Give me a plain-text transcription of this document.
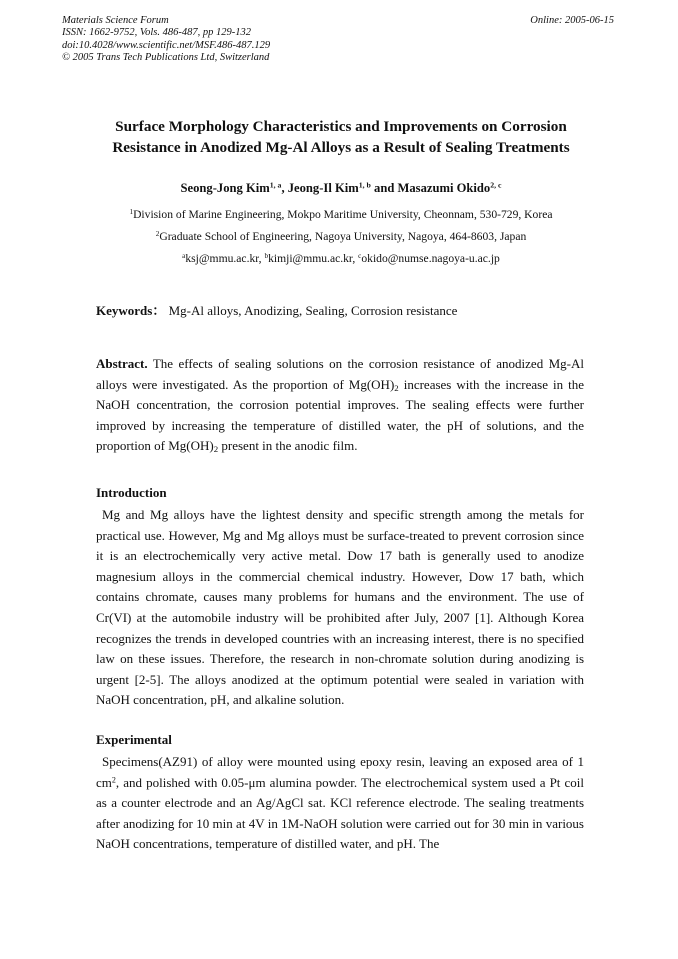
Materials Science Forum
ISSN: 1662-9752, Vols. 486-487, pp 129-132
doi:10.4028/www.scientific.net/MSF.486-487.129
© 2005 Trans Tech Publications Ltd, Switzerland
Online: 2005-06-15
Surface Morphology Characteristics and Improvements on Corrosion
Resistance in Anodized Mg-Al Alloys as a Result of Sealing Treatments
Seong-Jong Kim$^{1, a}$, Jeong-Il Kim$^{1, b}$ and Masazumi Okido$^{2, c}$
$^1$Division of Marine Engineering, Mokpo Maritime University, Cheonnam, 530-729, Korea
$^2$Graduate School of Engineering, Nagoya University, Nagoya, 464-8603, Japan
$^a$ksj@mmu.ac.kr, $^b$kimji@mmu.ac.kr, $^c$okido@numse.nagoya-u.ac.jp
Keywords： Mg-Al alloys, Anodizing, Sealing, Corrosion resistance

Abstract. The effects of sealing solutions on the corrosion resistance of anodized Mg-Al alloys were investigated. As the proportion of $Mg(OH)_2$ increases with the increase in the NaOH concentration, the corrosion potential improves. The sealing effects were further improved by increasing the temperature of distilled water, the pH of solutions, and the proportion of $Mg(OH)_2$ present in the anodic film.

Introduction

Mg and Mg alloys have the lightest density and specific strength among the metals for practical use. However, Mg and Mg alloys must be surface-treated to prevent corrosion since it is an electrochemically very active metal. Dow 17 bath is generally used to anodize magnesium alloys in the commercial chemical industry. However, Dow 17 bath, which contains chromate, causes many problems for humans and the environment. The use of Cr(VI) at the automobile industry will be prohibited after July, 2007 [1]. Although Korea recognizes the trends in developed countries with an increasing interest, there is no specified law on these issues. Therefore, the research in non-chromate solution during anodizing is urgent [2-5]. The alloys anodized at the optimum potential were sealed in variation with NaOH concentration, pH, and alkaline solution.

Experimental

Specimens(AZ91) of alloy were mounted using epoxy resin, leaving an exposed area of 1 $cm^2$, and polished with 0.05-μm alumina powder. The electrochemical system used a Pt coil as a counter electrode and an Ag/AgCl sat. KCl reference electrode. The sealing treatments after anodizing for 10 min at 4V in 1M-NaOH solution were carried out for 30 min in various NaOH concentrations, temperature of distilled water, and pH. The
